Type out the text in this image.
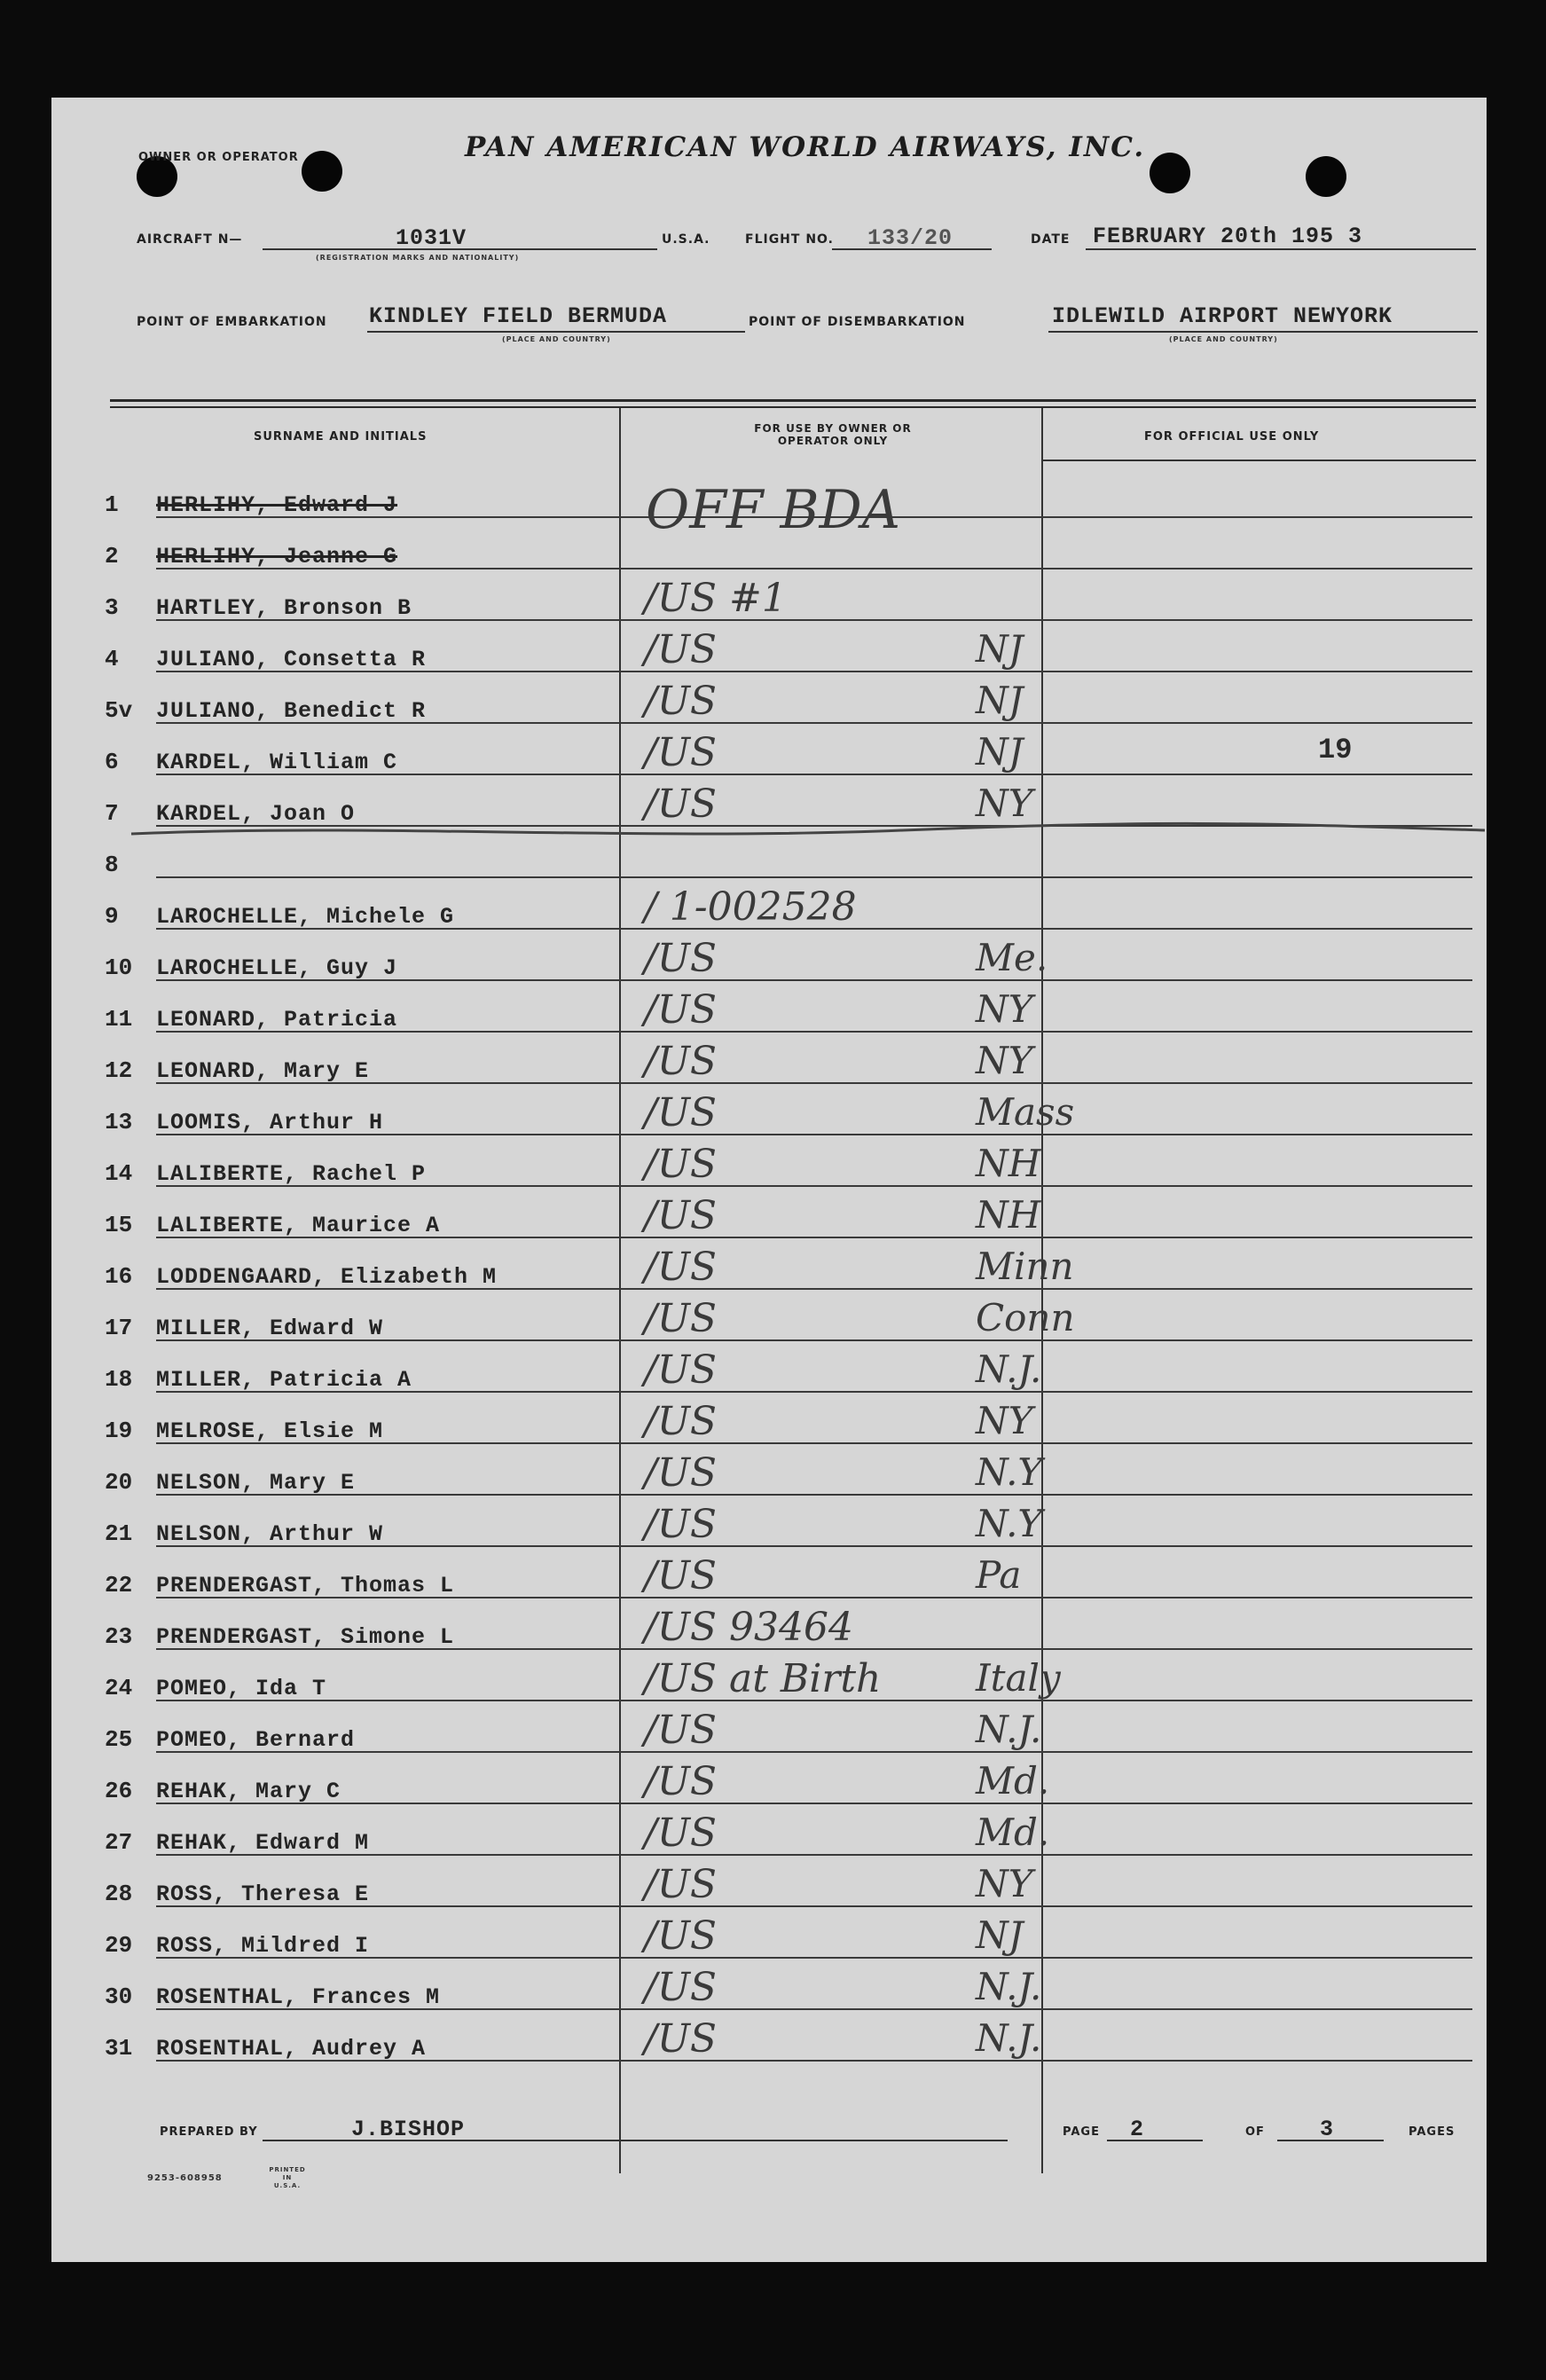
OWNER OR OPERATOR	PAN AMERICAN WORLD AIRWAYS, INC.
AIRCRAFT N—	1031V
(REGISTRATION MARKS AND NATIONALITY)
U.S.A.	FLIGHT NO. 133/20	DATE FEBRUARY 20th 195 3
POINT OF EMBARKATION KINDLEY FIELD BERMUDA
(PLACE AND COUNTRY)
POINT OF DISEMBARKATION	IDLEWILD AIRPORT NEWYORK
(PLACE AND COUNTRY)
SURNAME AND INITIALS
FOR USE BY OWNER OR OPERATOR ONLY	FOR OFFICIAL USE ONLY
1	HERLIHY, Edward J	OFF BDA
2	HERLIHY, Jeanne G
3	HARTLEY, Bronson B	/US #1
4	JULIANO, Consetta R	/US	NJ
5v	JULIANO, Benedict R	/US	NJ
6	KARDEL, William C	/US	NJ	19
7	KARDEL, Joan O	/US	NY
8
9	LAROCHELLE, Michele G	/ 1-002528
10	LAROCHELLE, Guy J	/US	Me.
11	LEONARD, Patricia	/US	NY
12	LEONARD, Mary E	/US	NY
13	LOOMIS, Arthur H	/US	Mass
14	LALIBERTE, Rachel P	/US	NH
15	LALIBERTE, Maurice A	/US	NH
16	LODDENGAARD, Elizabeth M	/US	Minn
17	MILLER, Edward W	/US	Conn
18	MILLER, Patricia A	/US	N.J.
19	MELROSE, Elsie M	/US	NY
20	NELSON, Mary E	/US	N.Y
21	NELSON, Arthur W	/US	N.Y
22	PRENDERGAST, Thomas L	/US	Pa
23	PRENDERGAST, Simone L	/US 93464
24	POMEO, Ida T	/US at Birth	Italy
25	POMEO, Bernard	/US	N.J.
26	REHAK, Mary C	/US	Md.
27	REHAK, Edward M	/US	Md.
28	ROSS, Theresa E	/US	NY
29	ROSS, Mildred I	/US	NJ
30	ROSENTHAL, Frances M	/US	N.J.
31	ROSENTHAL, Audrey A	/US	N.J.
PREPARED BY	J.BISHOP	PAGE 2	OF 3	PAGES
9253-608958
PRINTED IN U.S.A.
